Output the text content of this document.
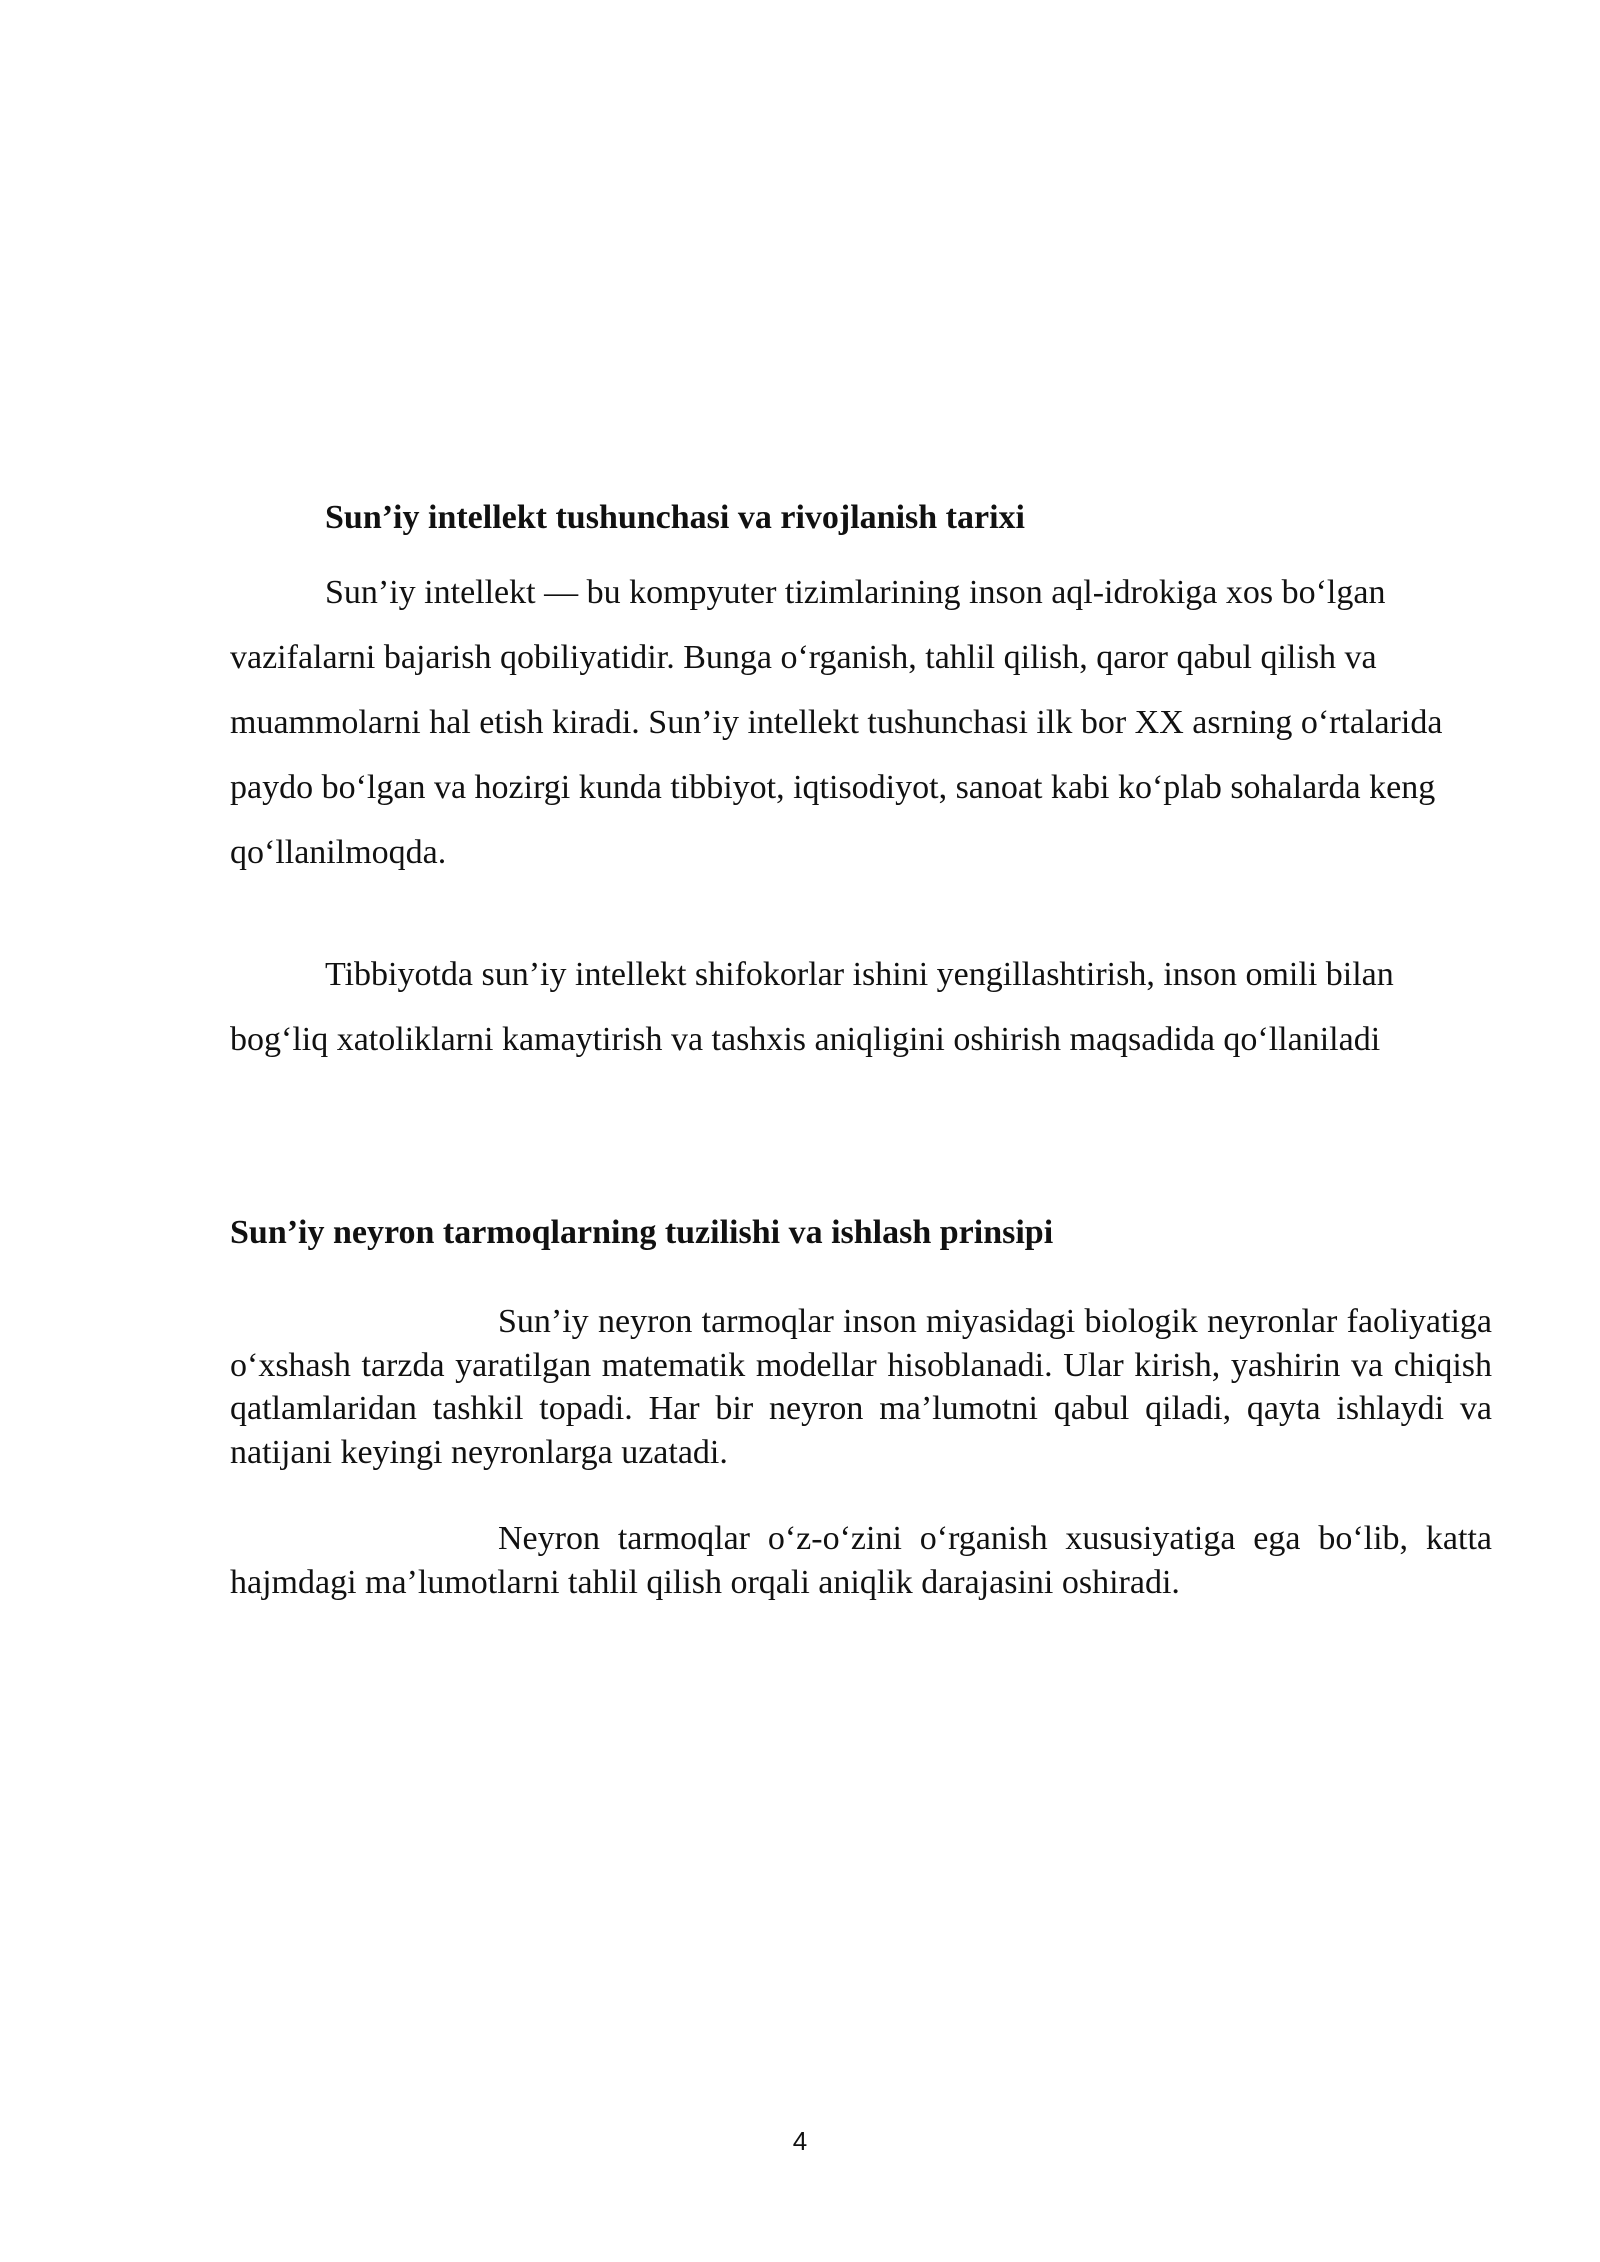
Sun’iy intellekt tushunchasi va rivojlanish tarixi

Sun’iy intellekt — bu kompyuter tizimlarining inson aql-idrokiga xos bo‘lgan vazifalarni bajarish qobiliyatidir. Bunga o‘rganish, tahlil qilish, qaror qabul qilish va muammolarni hal etish kiradi. Sun’iy intellekt tushunchasi ilk bor XX asrning o‘rtalarida paydo bo‘lgan va hozirgi kunda tibbiyot, iqtisodiyot, sanoat kabi ko‘plab sohalarda keng qo‘llanilmoqda.

Tibbiyotda sun’iy intellekt shifokorlar ishini yengillashtirish, inson omili bilan bog‘liq xatoliklarni kamaytirish va tashxis aniqligini oshirish maqsadida qo‘llaniladi

Sun’iy neyron tarmoqlarning tuzilishi va ishlash prinsipi

Sun’iy neyron tarmoqlar inson miyasidagi biologik neyronlar faoliyatiga o‘xshash tarzda yaratilgan matematik modellar hisoblanadi. Ular kirish, yashirin va chiqish qatlamlaridan tashkil topadi. Har bir neyron ma’lumotni qabul qiladi, qayta ishlaydi va natijani keyingi neyronlarga uzatadi.

Neyron tarmoqlar o‘z-o‘zini o‘rganish xususiyatiga ega bo‘lib, katta hajmdagi ma’lumotlarni tahlil qilish orqali aniqlik darajasini oshiradi.

4
